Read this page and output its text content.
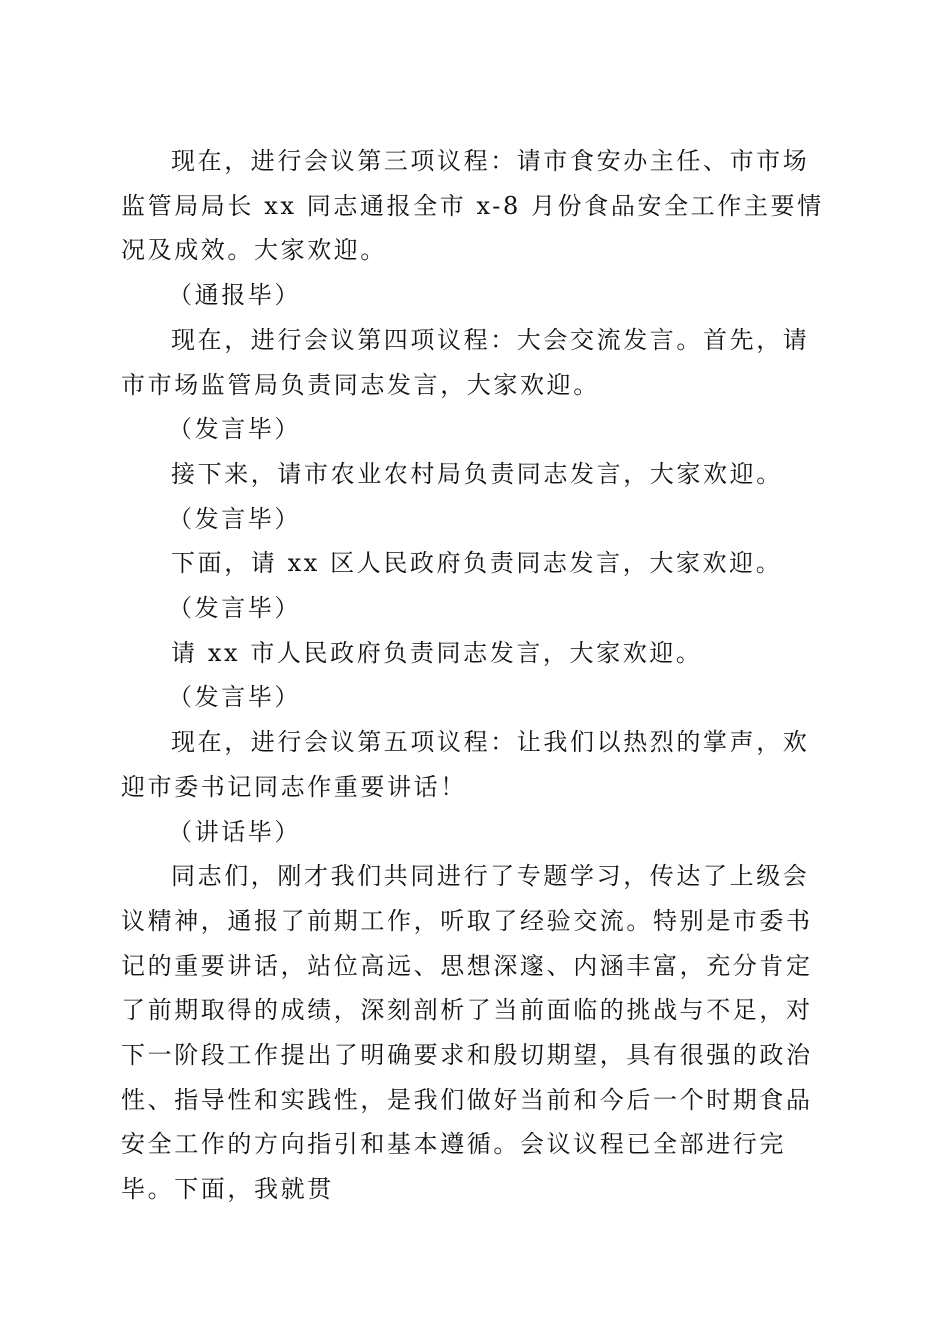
现在，进行会议第三项议程：请市食安办主任、市市场监管局局长 xx 同志通报全市 x-8 月份食品安全工作主要情况及成效。大家欢迎。

（通报毕）

现在，进行会议第四项议程：大会交流发言。首先，请市市场监管局负责同志发言，大家欢迎。

（发言毕）

接下来，请市农业农村局负责同志发言，大家欢迎。

（发言毕）

下面，请 xx 区人民政府负责同志发言，大家欢迎。

（发言毕）

请 xx 市人民政府负责同志发言，大家欢迎。

（发言毕）

现在，进行会议第五项议程：让我们以热烈的掌声，欢迎市委书记同志作重要讲话！

（讲话毕）

同志们，刚才我们共同进行了专题学习，传达了上级会议精神，通报了前期工作，听取了经验交流。特别是市委书记的重要讲话，站位高远、思想深邃、内涵丰富，充分肯定了前期取得的成绩，深刻剖析了当前面临的挑战与不足，对下一阶段工作提出了明确要求和殷切期望，具有很强的政治性、指导性和实践性，是我们做好当前和今后一个时期食品安全工作的方向指引和基本遵循。会议议程已全部进行完毕。下面，我就贯
